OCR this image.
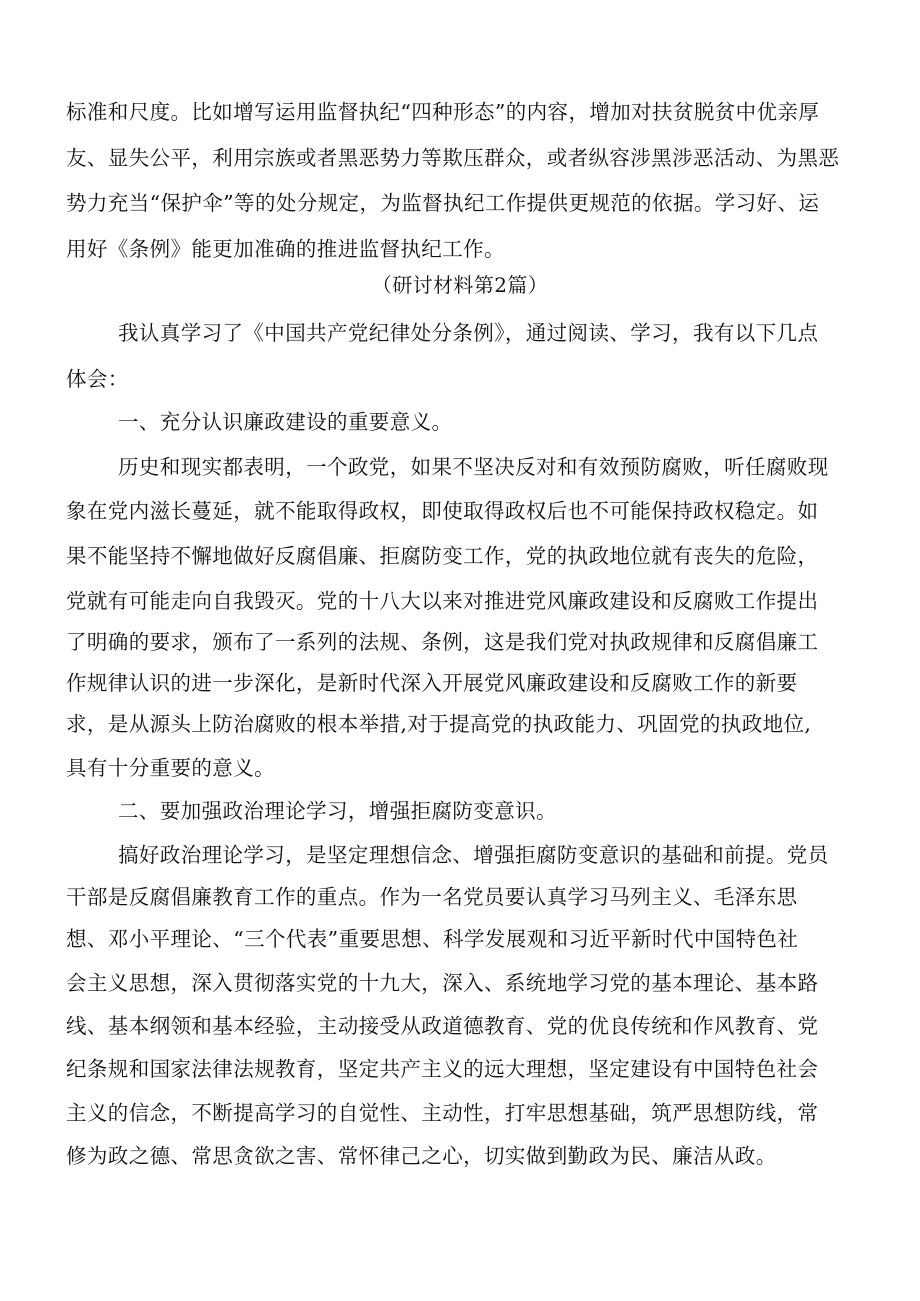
标准和尺度。比如增写运用监督执纪“四种形态”的内容，增加对扶贫脱贫中优亲厚

友、显失公平，利用宗族或者黑恶势力等欺压群众，或者纵容涉黑涉恶活动、为黑恶

势力充当“保护伞”等的处分规定，为监督执纪工作提供更规范的依据。学习好、运

用好《条例》能更加准确的推进监督执纪工作。

（研讨材料第2篇）

我认真学习了《中国共产党纪律处分条例》，通过阅读、学习，我有以下几点

体会：

一、充分认识廉政建设的重要意义。

历史和现实都表明，一个政党，如果不坚决反对和有效预防腐败，听任腐败现

象在党内滋长蔓延，就不能取得政权，即使取得政权后也不可能保持政权稳定。如

果不能坚持不懈地做好反腐倡廉、拒腐防变工作，党的执政地位就有丧失的危险，

党就有可能走向自我毁灭。党的十八大以来对推进党风廉政建设和反腐败工作提出

了明确的要求，颁布了一系列的法规、条例，这是我们党对执政规律和反腐倡廉工

作规律认识的进一步深化，是新时代深入开展党风廉政建设和反腐败工作的新要

求，是从源头上防治腐败的根本举措,对于提高党的执政能力、巩固党的执政地位,

具有十分重要的意义。

二、要加强政治理论学习，增强拒腐防变意识。

搞好政治理论学习，是坚定理想信念、增强拒腐防变意识的基础和前提。党员

干部是反腐倡廉教育工作的重点。作为一名党员要认真学习马列主义、毛泽东思

想、邓小平理论、“三个代表”重要思想、科学发展观和习近平新时代中国特色社

会主义思想，深入贯彻落实党的十九大，深入、系统地学习党的基本理论、基本路

线、基本纲领和基本经验，主动接受从政道德教育、党的优良传统和作风教育、党

纪条规和国家法律法规教育，坚定共产主义的远大理想，坚定建设有中国特色社会

主义的信念，不断提高学习的自觉性、主动性，打牢思想基础，筑严思想防线，常

修为政之德、常思贪欲之害、常怀律己之心，切实做到勤政为民、廉洁从政。
